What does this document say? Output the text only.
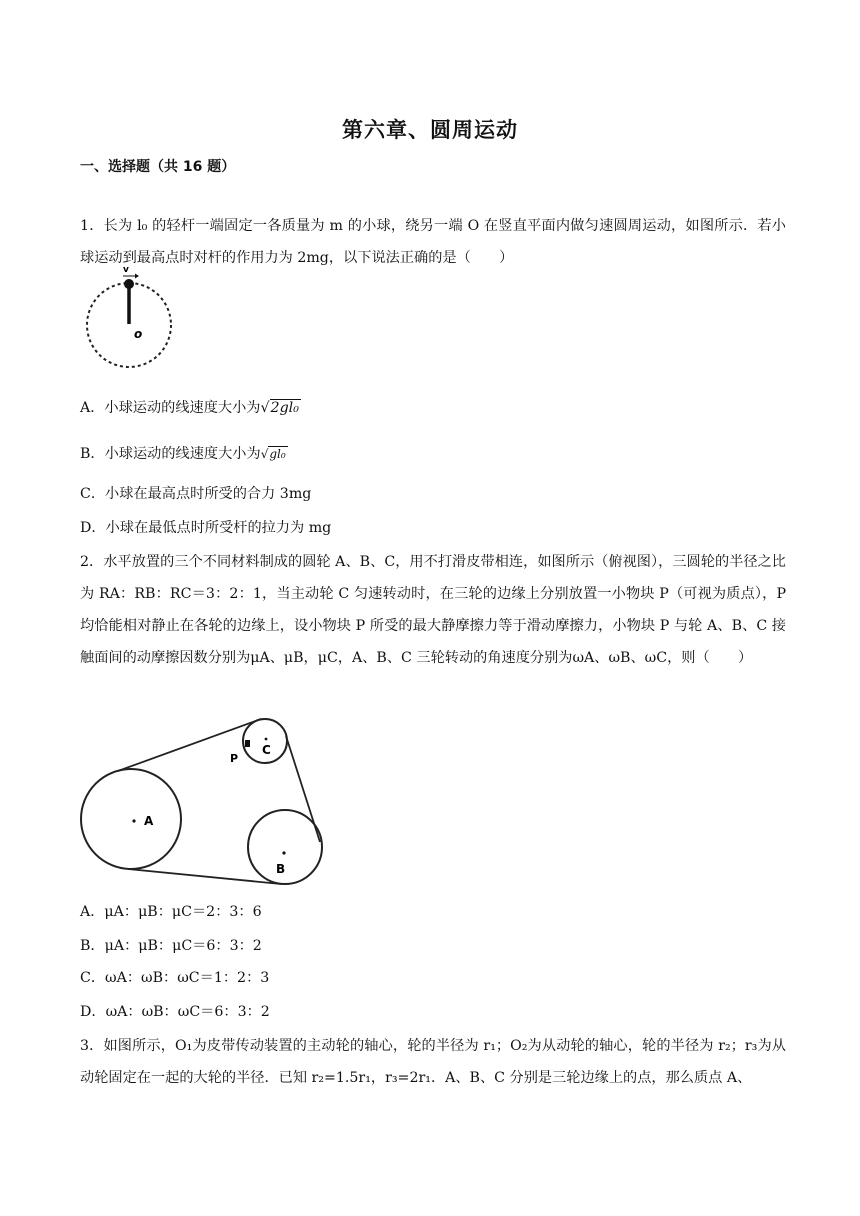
第六章、圆周运动
一、选择题（共 16 题）
1．长为 l₀ 的轻杆一端固定一各质量为 m 的小球，绕另一端 O 在竖直平面内做匀速圆周运动，如图所示．若小球运动到最高点时对杆的作用力为 2mg，以下说法正确的是（　　）
v
o
A．小球运动的线速度大小为√2gl₀
B．小球运动的线速度大小为√gl₀
C．小球在最高点时所受的合力 3mg
D．小球在最低点时所受杆的拉力为 mg
2．水平放置的三个不同材料制成的圆轮 A、B、C，用不打滑皮带相连，如图所示（俯视图），三圆轮的半径之比为 RA：RB：RC＝3：2：1，当主动轮 C 匀速转动时，在三轮的边缘上分别放置一小物块 P（可视为质点），P 均恰能相对静止在各轮的边缘上，设小物块 P 所受的最大静摩擦力等于滑动摩擦力，小物块 P 与轮 A、B、C 接触面间的动摩擦因数分别为μA、μB，μC，A、B、C 三轮转动的角速度分别为ωA、ωB、ωC，则（　　）
A
B
C
P
A．μA：μB：μC＝2：3：6
B．μA：μB：μC＝6：3：2
C．ωA：ωB：ωC＝1：2：3
D．ωA：ωB：ωC＝6：3：2
3．如图所示，O₁为皮带传动装置的主动轮的轴心，轮的半径为 r₁；O₂为从动轮的轴心，轮的半径为 r₂；r₃为从动轮固定在一起的大轮的半径．已知 r₂=1.5r₁，r₃=2r₁．A、B、C 分别是三轮边缘上的点，那么质点 A、
